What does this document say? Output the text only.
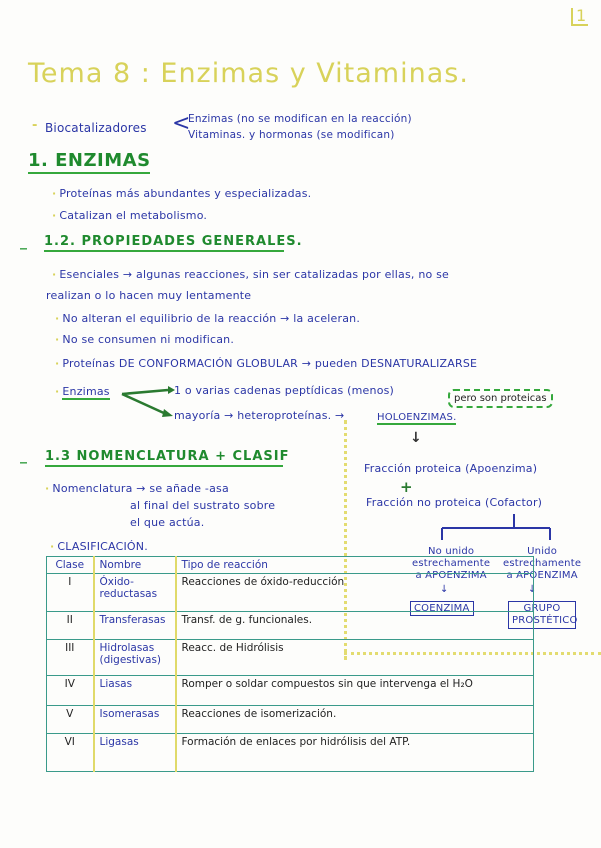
1
Tema 8 : Enzimas y Vitaminas.
- Biocatalizadores <
Enzimas (no se modifican en la reacción)
Vitaminas. y hormonas (se modifican)
1. ENZIMAS
· Proteínas más abundantes y especializadas.
· Catalizan el metabolismo.
_ 1.2. PROPIEDADES GENERALES.
· Esenciales → algunas reacciones, sin ser catalizadas por ellas, no se
realizan o lo hacen muy lentamente
· No alteran el equilibrio de la reacción → la aceleran.
· No se consumen ni modifican.
· Proteínas DE CONFORMACIÓN GLOBULAR → pueden DESNATURALIZARSE
· Enzimas	1 o varias cadenas peptídicas (menos)
pero son proteicas
mayoría → heteroproteínas. →	HOLOENZIMAS.
↓
Fracción proteica (Apoenzima)
+
Fracción no proteica (Cofactor)
No unido
estrechamente
a APOENZIMA
Unido
estrechamente
a APOENZIMA
↓	↓
COENZIMA	GRUPO PROSTÉTICO
_ 1.3 NOMENCLATURA + CLASIF
· Nomenclatura → se añade -asa
al final del sustrato sobre
el que actúa.
· CLASIFICACIÓN.
Clase	Nombre	Tipo de reacción
I	Óxido-reductasas	Reacciones de óxido-reducción
II	Transferasas	Transf. de g. funcionales.
III	Hidrolasas (digestivas)	Reacc. de Hidrólisis
IV	Liasas	Romper o soldar compuestos sin que intervenga el H₂O
V	Isomerasas	Reacciones de isomerización.
VI	Ligasas	Formación de enlaces por hidrólisis del ATP.
